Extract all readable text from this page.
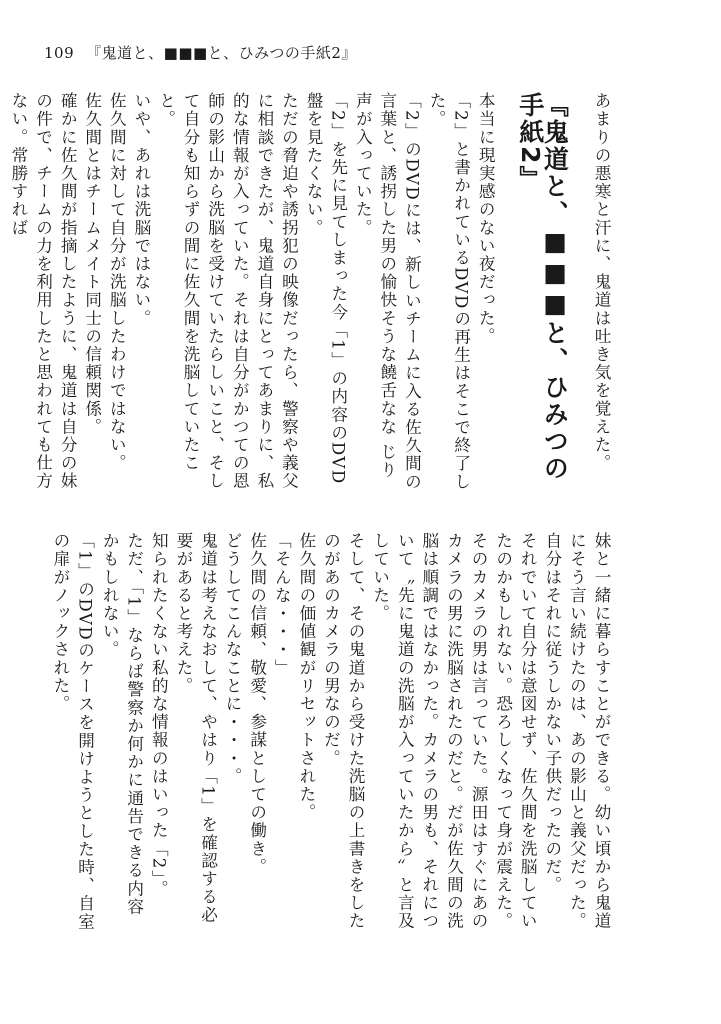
109 『鬼道と、■■■と、ひみつの手紙2』
あまりの悪寒と汗に、鬼道は吐き気を覚えた。
『鬼道と、■■■と、ひみつの手紙2』
本当に現実感のない夜だった。
「2」と書かれているDVDの再生はそこで終了した。
「2」のDVDには、新しいチームに入る佐久間の言葉と、誘拐した男の愉快そうな饒舌なな じり声が入っていた。
「2」を先に見てしまった今「1」の内容のDVD盤を見たくない。
ただの脅迫や誘拐犯の映像だったら、警察や義父に相談できたが、鬼道自身にとってあまりに、私的な情報が入っていた。それは自分がかつての恩師の影山から洗脳を受けていたらしいこと、そして自分も知らずの間に佐久間を洗脳していたこと。
いや、あれは洗脳ではない。
佐久間に対して自分が洗脳したわけではない。
佐久間とはチームメイト同士の信頼関係。
確かに佐久間が指摘したように、鬼道は自分の妹の件で、チームの力を利用したと思われても仕方ない。常勝すれば
妹と一緒に暮らすことができる。幼い頃から鬼道にそう言い続けたのは、あの影山と義父だった。自分はそれに従うしかない子供だったのだ。
それでいて自分は意図せず、佐久間を洗脳していたのかもしれない。恐ろしくなって身が震えた。そのカメラの男は言っていた。源田はすぐにあのカメラの男に洗脳されたのだと。だが佐久間の洗脳は順調ではなかった。カメラの男も、それについて〝先に鬼道の洗脳が入っていたから〟と言及していた。
そして、その鬼道から受けた洗脳の上書きをしたのがあのカメラの男なのだ。
佐久間の価値観がリセットされた。
「そんな・・・」
佐久間の信頼、敬愛、参謀としての働き。
どうしてこんなことに・・・。
鬼道は考えなおして、やはり「1」を確認する必要があると考えた。
知られたくない私的な情報のはいった「2」。
ただ、「1」ならば警察か何かに通告できる内容かもしれない。
「1」のDVDのケースを開けようとした時、自室の扉がノックされた。
